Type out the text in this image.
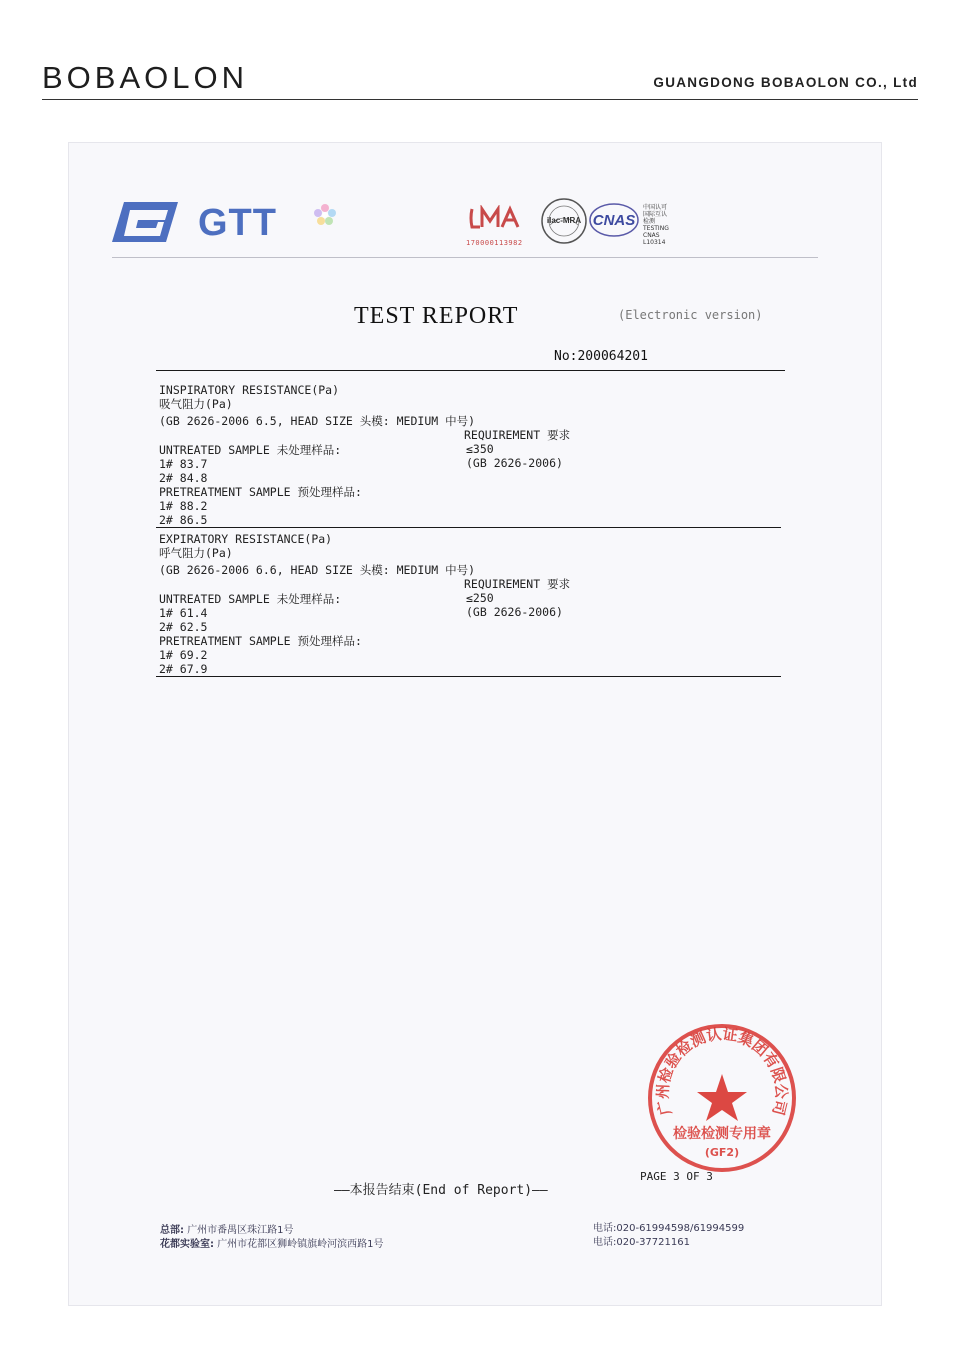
BOBAOLON	GUANGDONG BOBAOLON CO., Ltd
GTT	170000113982
ilac-MRA CNAS
中国认可
国际互认
检测
TESTING
CNAS L10314
TEST REPORT	(Electronic version)
No:200064201
INSPIRATORY RESISTANCE(Pa)
吸气阻力(Pa)
(GB 2626-2006 6.5, HEAD SIZE 头模: MEDIUM 中号)
REQUIREMENT 要求
UNTREATED SAMPLE 未处理样品:	≤350
(GB 2626-2006)
1# 83.7
2# 84.8
PRETREATMENT SAMPLE 预处理样品:
1# 88.2
2# 86.5
EXPIRATORY RESISTANCE(Pa)
呼气阻力(Pa)
(GB 2626-2006 6.6, HEAD SIZE 头模: MEDIUM 中号)
REQUIREMENT 要求
UNTREATED SAMPLE 未处理样品:	≤250
(GB 2626-2006)
1# 61.4
2# 62.5
PRETREATMENT SAMPLE 预处理样品:
1# 69.2
2# 67.9
广州检验检测认证集团有限公司
检验检测专用章
(GF2)
——本报告结束(End of Report)——
PAGE 3 OF 3
总部: 广州市番禺区珠江路1号
花都实验室: 广州市花都区狮岭镇旗岭河滨西路1号
电话:020-61994598/61994599
电话:020-37721161
